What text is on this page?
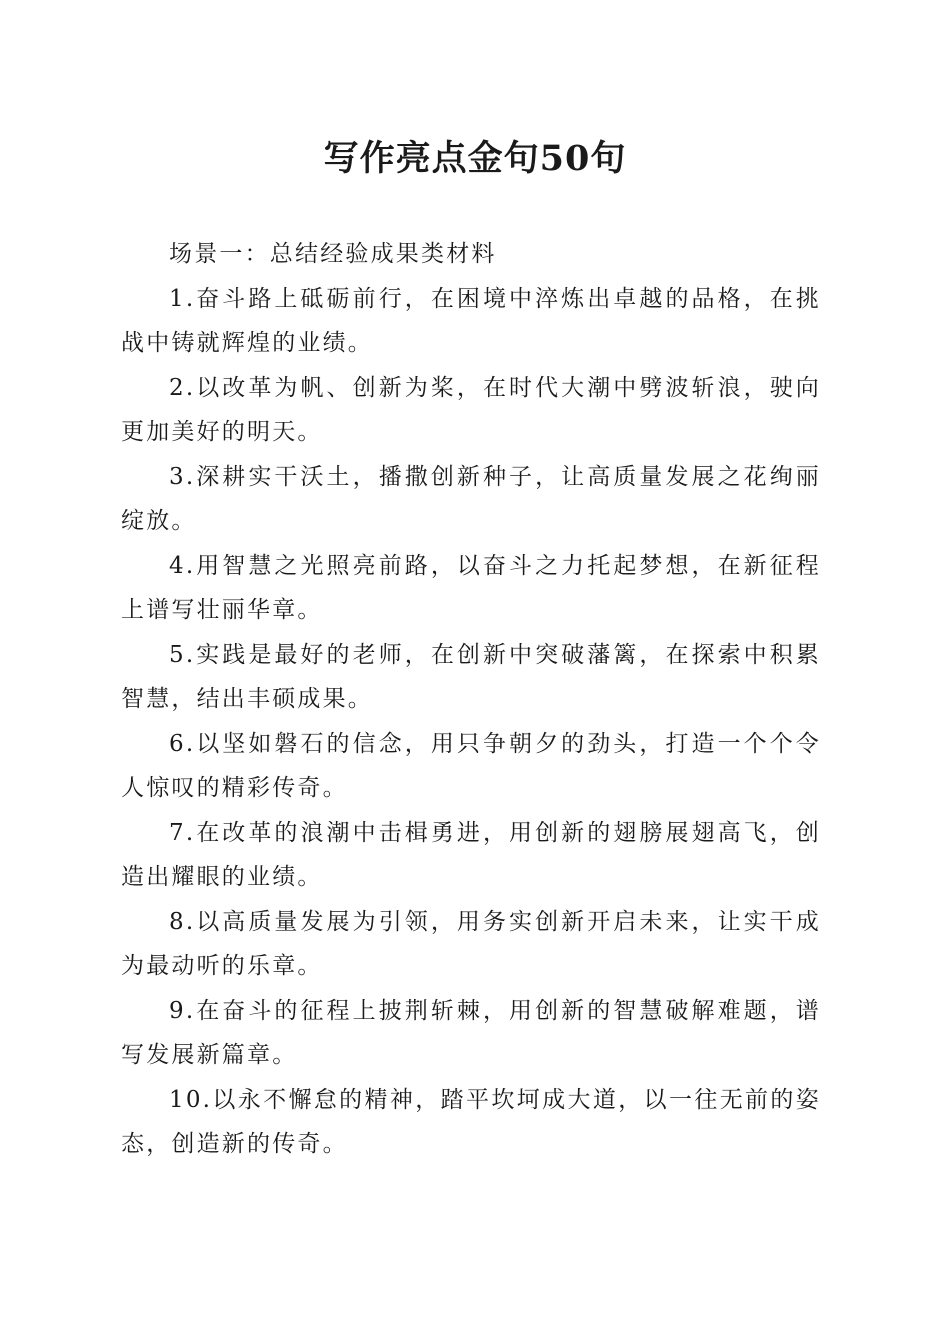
写作亮点金句50句

场景一：总结经验成果类材料

1.奋斗路上砥砺前行，在困境中淬炼出卓越的品格，在挑战中铸就辉煌的业绩。

2.以改革为帆、创新为桨，在时代大潮中劈波斩浪，驶向更加美好的明天。

3.深耕实干沃土，播撒创新种子，让高质量发展之花绚丽绽放。

4.用智慧之光照亮前路，以奋斗之力托起梦想，在新征程上谱写壮丽华章。

5.实践是最好的老师，在创新中突破藩篱，在探索中积累智慧，结出丰硕成果。

6.以坚如磐石的信念，用只争朝夕的劲头，打造一个个令人惊叹的精彩传奇。

7.在改革的浪潮中击楫勇进，用创新的翅膀展翅高飞，创造出耀眼的业绩。

8.以高质量发展为引领，用务实创新开启未来，让实干成为最动听的乐章。

9.在奋斗的征程上披荆斩棘，用创新的智慧破解难题，谱写发展新篇章。

10.以永不懈怠的精神，踏平坎坷成大道，以一往无前的姿态，创造新的传奇。
